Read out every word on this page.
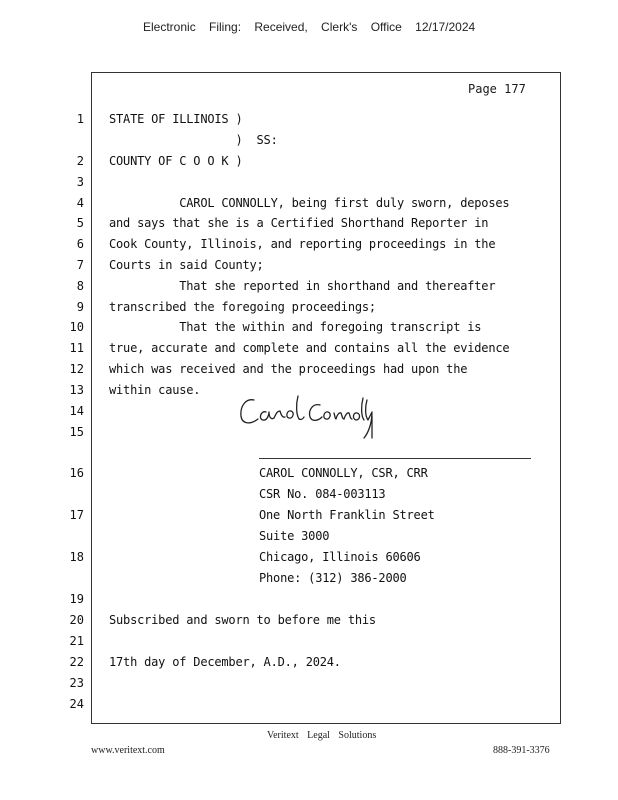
Electronic Filing: Received, Clerk's Office 12/17/2024
Page 177
1 STATE OF ILLINOIS )
)  SS:
2 COUNTY OF C O O K )
3
4 CAROL CONNOLLY, being first duly sworn, deposes
5 and says that she is a Certified Shorthand Reporter in
6 Cook County, Illinois, and reporting proceedings in the
7 Courts in said County;
8 That she reported in shorthand and thereafter
9 transcribed the foregoing proceedings;
10 That the within and foregoing transcript is
11 true, accurate and complete and contains all the evidence
12 which was received and the proceedings had upon the
13 within cause.
14
15
16	CAROL CONNOLLY, CSR, CRR
CSR No. 084-003113
17	One North Franklin Street
Suite 3000
18	Chicago, Illinois 60606
Phone: (312) 386-2000
19
20 Subscribed and sworn to before me this
21
22 17th day of December, A.D., 2024.
23
24
Veritext Legal Solutions
www.veritext.com	888-391-3376
